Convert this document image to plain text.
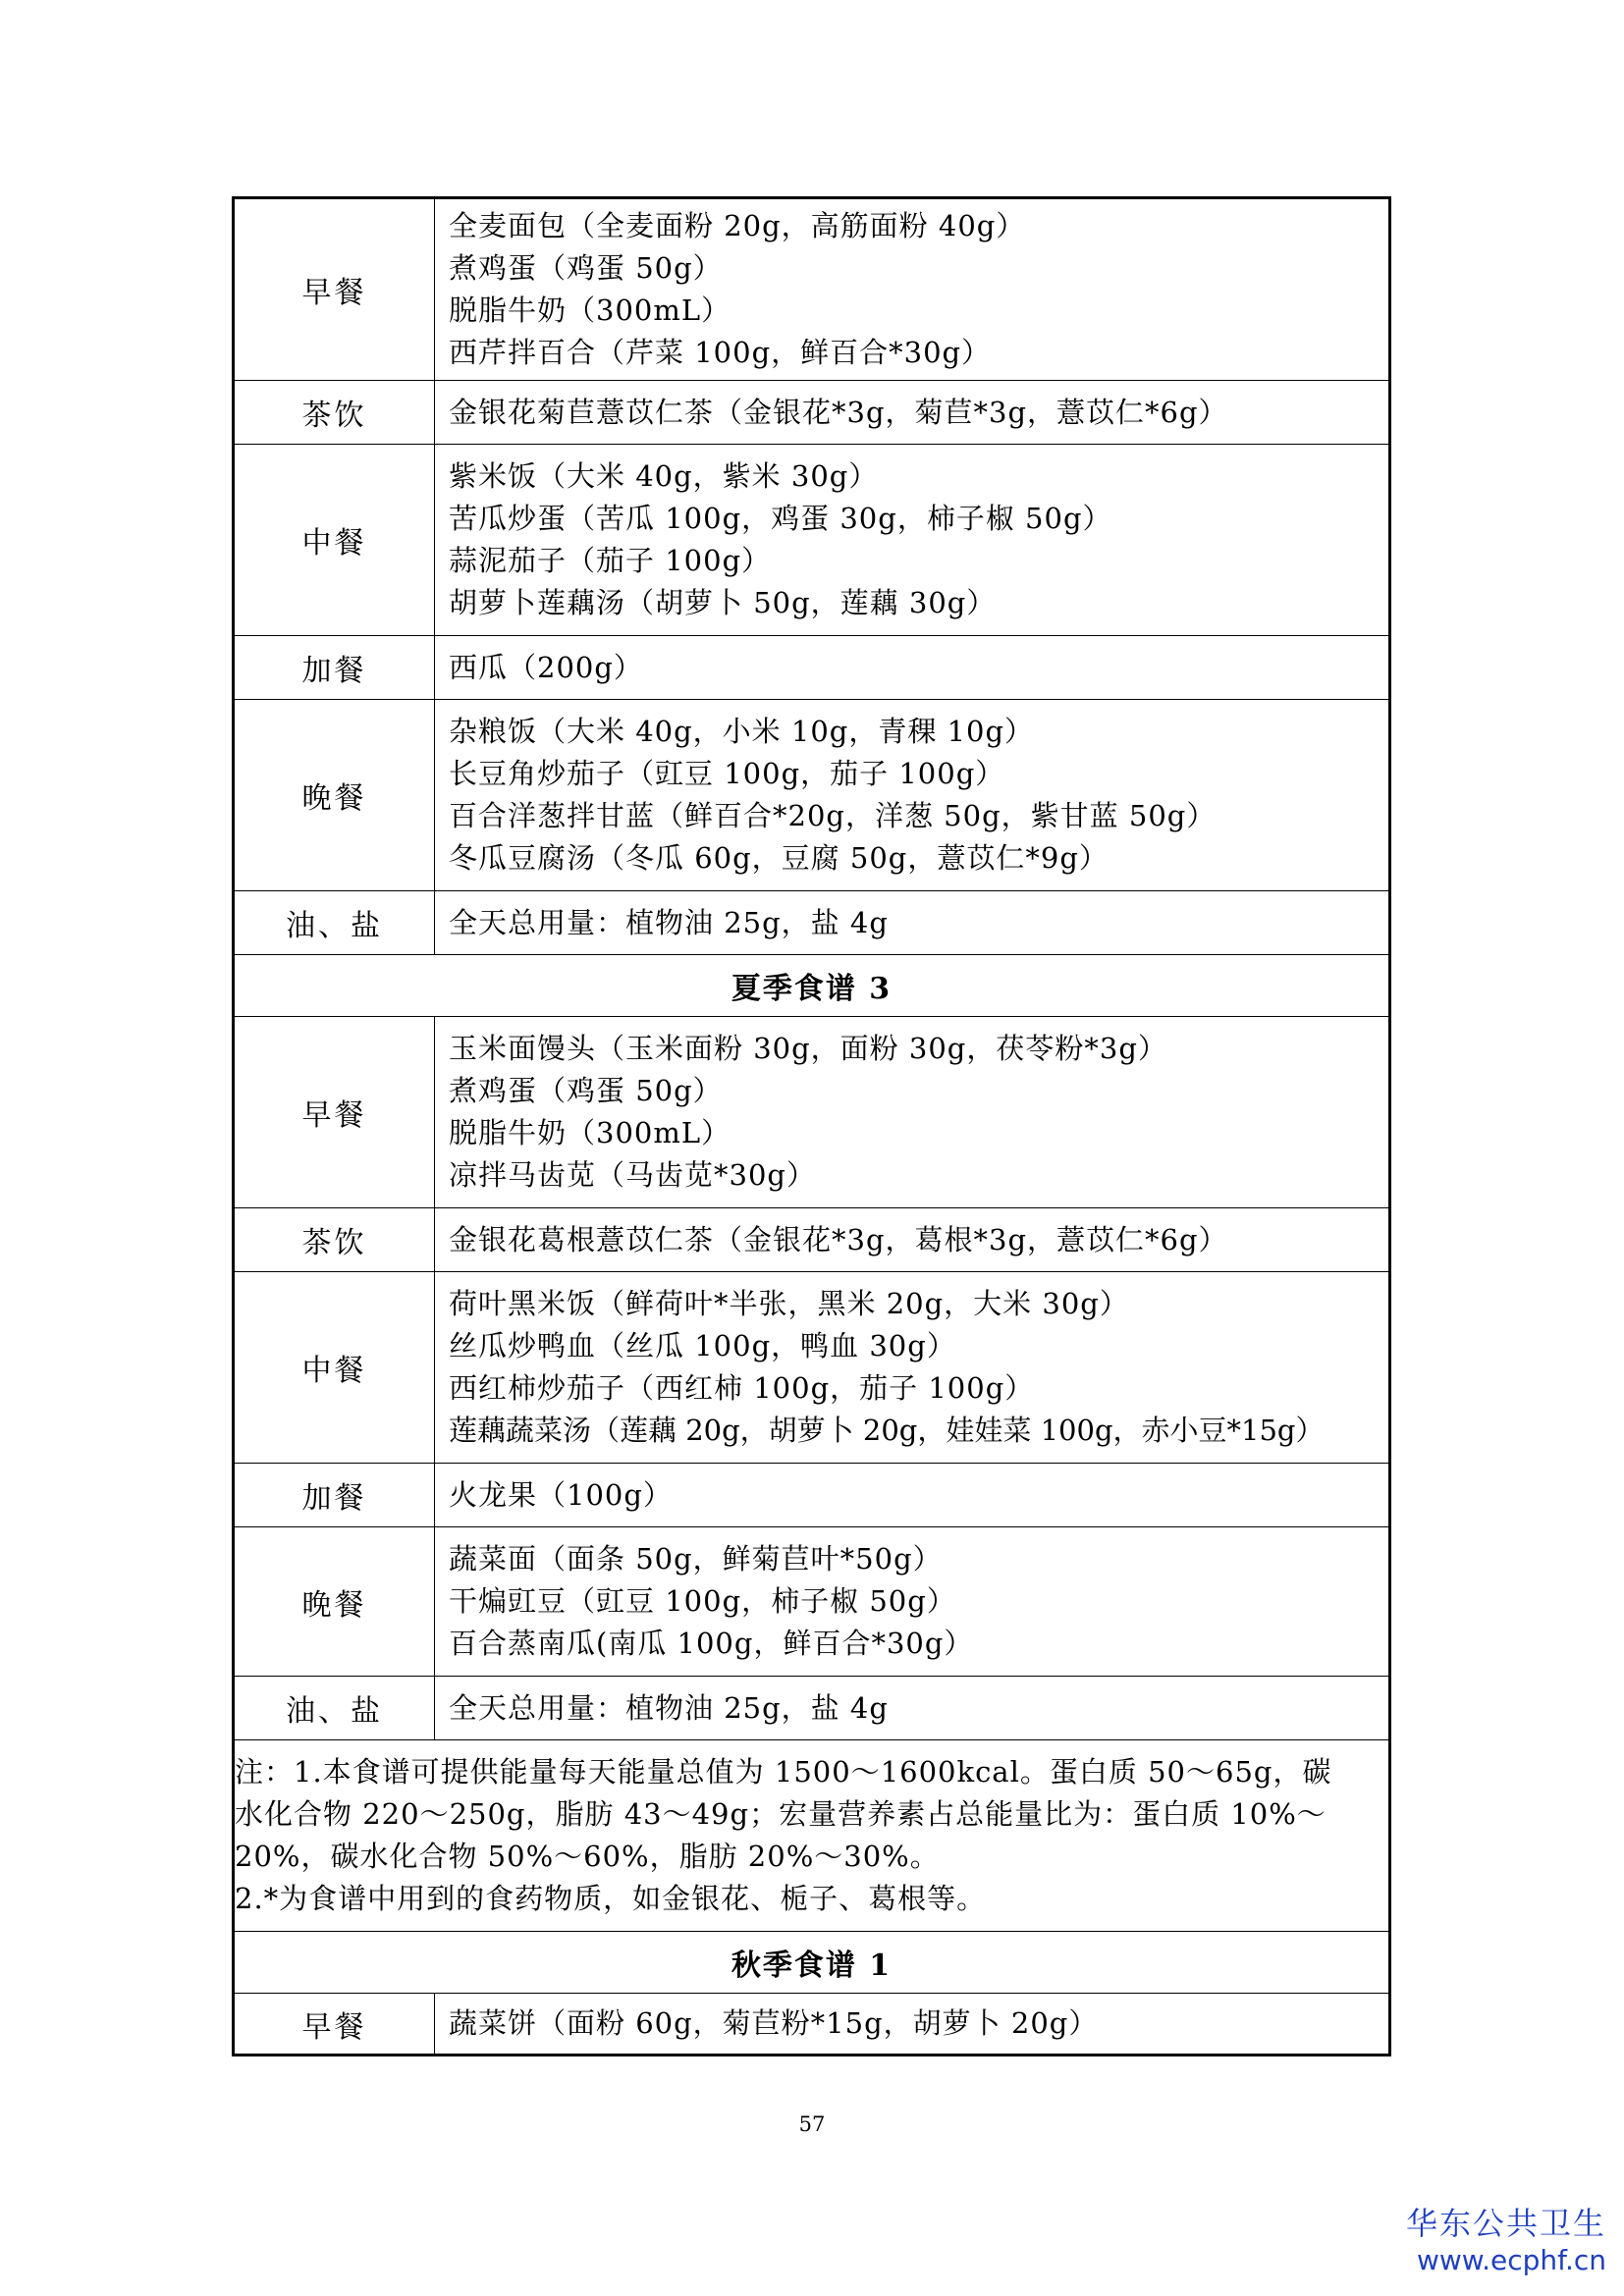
早餐	全麦面包（全麦面粉 20g，高筋面粉 40g）
煮鸡蛋（鸡蛋 50g）
脱脂牛奶（300mL）
西芹拌百合（芹菜 100g，鲜百合*30g）

茶饮	金银花菊苣薏苡仁茶（金银花*3g，菊苣*3g，薏苡仁*6g）

中餐	紫米饭（大米 40g，紫米 30g）
苦瓜炒蛋（苦瓜 100g，鸡蛋 30g，柿子椒 50g）
蒜泥茄子（茄子 100g）
胡萝卜莲藕汤（胡萝卜 50g，莲藕 30g）

加餐	西瓜（200g）

晚餐	杂粮饭（大米 40g，小米 10g，青稞 10g）
长豆角炒茄子（豇豆 100g，茄子 100g）
百合洋葱拌甘蓝（鲜百合*20g，洋葱 50g，紫甘蓝 50g）
冬瓜豆腐汤（冬瓜 60g，豆腐 50g，薏苡仁*9g）

油、盐	全天总用量：植物油 25g，盐 4g

夏季食谱 3	
早餐	玉米面馒头（玉米面粉 30g，面粉 30g，茯苓粉*3g）
煮鸡蛋（鸡蛋 50g）
脱脂牛奶（300mL）
凉拌马齿苋（马齿苋*30g）

茶饮	金银花葛根薏苡仁茶（金银花*3g，葛根*3g，薏苡仁*6g）

中餐	荷叶黑米饭（鲜荷叶*半张，黑米 20g，大米 30g）
丝瓜炒鸭血（丝瓜 100g，鸭血 30g）
西红柿炒茄子（西红柿 100g，茄子 100g）
莲藕蔬菜汤（莲藕 20g，胡萝卜 20g，娃娃菜 100g，赤小豆*15g）

加餐	火龙果（100g）

晚餐	蔬菜面（面条 50g，鲜菊苣叶*50g）
干煸豇豆（豇豆 100g，柿子椒 50g）
百合蒸南瓜(南瓜 100g，鲜百合*30g）

油、盐	全天总用量：植物油 25g，盐 4g

注：1.本食谱可提供能量每天能量总值为 1500～1600kcal。蛋白质 50～65g，碳
水化合物 220～250g，脂肪 43～49g；宏量营养素占总能量比为：蛋白质 10%～
20%，碳水化合物 50%～60%，脂肪 20%～30%。
2.*为食谱中用到的食药物质，如金银花、栀子、葛根等。	

秋季食谱 1	
早餐	蔬菜饼（面粉 60g，菊苣粉*15g，胡萝卜 20g）
57
华东公共卫生
www.ecphf.cn
